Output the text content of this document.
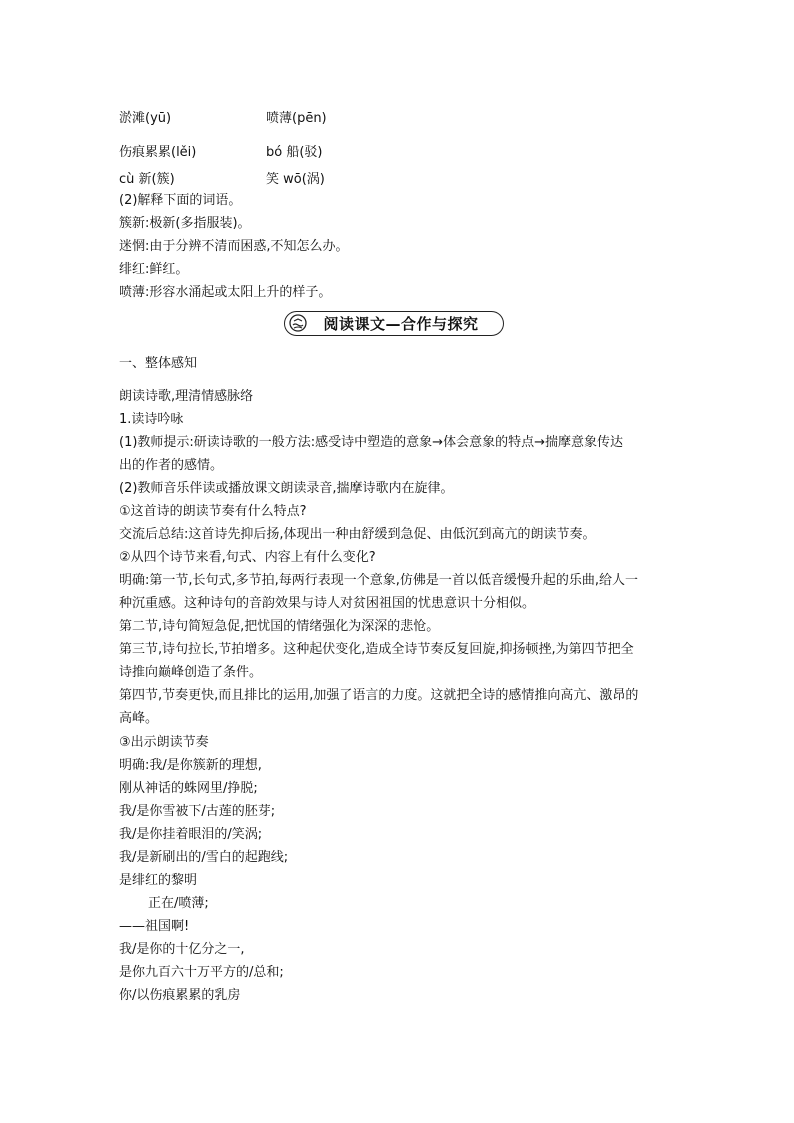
淤滩(yū)	喷薄(pēn)
伤痕累累(lěi)	bó 船(驳)
cù 新(簇)	笑 wō(涡)
(2)解释下面的词语。
簇新:极新(多指服装)。
迷惘:由于分辨不清而困惑,不知怎么办。
绯红:鲜红。
喷薄:形容水涌起或太阳上升的样子。
阅读课文—合作与探究
一、整体感知
朗读诗歌,理清情感脉络
1.读诗吟咏
(1)教师提示:研读诗歌的一般方法:感受诗中塑造的意象→体会意象的特点→揣摩意象传达
出的作者的感情。
(2)教师音乐伴读或播放课文朗读录音,揣摩诗歌内在旋律。
①这首诗的朗读节奏有什么特点?
交流后总结:这首诗先抑后扬,体现出一种由舒缓到急促、由低沉到高亢的朗读节奏。
②从四个诗节来看,句式、内容上有什么变化?
明确:第一节,长句式,多节拍,每两行表现一个意象,仿佛是一首以低音缓慢升起的乐曲,给人一
种沉重感。这种诗句的音韵效果与诗人对贫困祖国的忧患意识十分相似。
第二节,诗句简短急促,把忧国的情绪强化为深深的悲怆。
第三节,诗句拉长,节拍增多。这种起伏变化,造成全诗节奏反复回旋,抑扬顿挫,为第四节把全
诗推向巅峰创造了条件。
第四节,节奏更快,而且排比的运用,加强了语言的力度。这就把全诗的感情推向高亢、激昂的
高峰。
③出示朗读节奏
明确:我/是你簇新的理想,
刚从神话的蛛网里/挣脱;
我/是你雪被下/古莲的胚芽;
我/是你挂着眼泪的/笑涡;
我/是新刷出的/雪白的起跑线;
是绯红的黎明
正在/喷薄;
——祖国啊!
我/是你的十亿分之一,
是你九百六十万平方的/总和;
你/以伤痕累累的乳房
